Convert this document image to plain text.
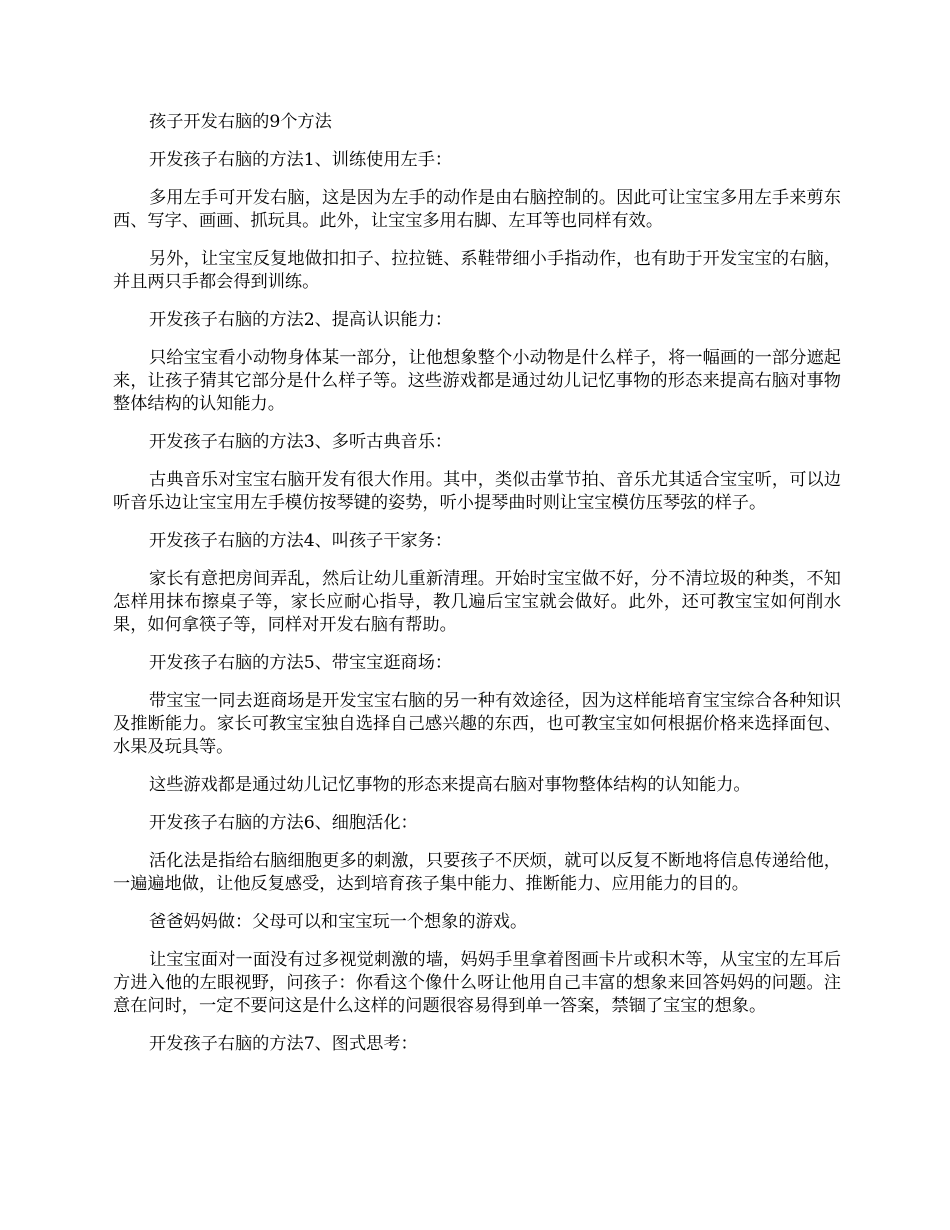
孩子开发右脑的9个方法

开发孩子右脑的方法1、训练使用左手：

多用左手可开发右脑，这是因为左手的动作是由右脑控制的。因此可让宝宝多用左手来剪东西、写字、画画、抓玩具。此外，让宝宝多用右脚、左耳等也同样有效。

另外，让宝宝反复地做扣扣子、拉拉链、系鞋带细小手指动作，也有助于开发宝宝的右脑，并且两只手都会得到训练。

开发孩子右脑的方法2、提高认识能力：

只给宝宝看小动物身体某一部分，让他想象整个小动物是什么样子，将一幅画的一部分遮起来，让孩子猜其它部分是什么样子等。这些游戏都是通过幼儿记忆事物的形态来提高右脑对事物整体结构的认知能力。

开发孩子右脑的方法3、多听古典音乐：

古典音乐对宝宝右脑开发有很大作用。其中，类似击掌节拍、音乐尤其适合宝宝听，可以边听音乐边让宝宝用左手模仿按琴键的姿势，听小提琴曲时则让宝宝模仿压琴弦的样子。

开发孩子右脑的方法4、叫孩子干家务：

家长有意把房间弄乱，然后让幼儿重新清理。开始时宝宝做不好，分不清垃圾的种类，不知怎样用抹布擦桌子等，家长应耐心指导，教几遍后宝宝就会做好。此外，还可教宝宝如何削水果，如何拿筷子等，同样对开发右脑有帮助。

开发孩子右脑的方法5、带宝宝逛商场：

带宝宝一同去逛商场是开发宝宝右脑的另一种有效途径，因为这样能培育宝宝综合各种知识及推断能力。家长可教宝宝独自选择自己感兴趣的东西，也可教宝宝如何根据价格来选择面包、水果及玩具等。

这些游戏都是通过幼儿记忆事物的形态来提高右脑对事物整体结构的认知能力。

开发孩子右脑的方法6、细胞活化：

活化法是指给右脑细胞更多的刺激，只要孩子不厌烦，就可以反复不断地将信息传递给他，一遍遍地做，让他反复感受，达到培育孩子集中能力、推断能力、应用能力的目的。

爸爸妈妈做：父母可以和宝宝玩一个想象的游戏。

让宝宝面对一面没有过多视觉刺激的墙，妈妈手里拿着图画卡片或积木等，从宝宝的左耳后方进入他的左眼视野，问孩子：你看这个像什么呀让他用自己丰富的想象来回答妈妈的问题。注意在问时，一定不要问这是什么这样的问题很容易得到单一答案，禁锢了宝宝的想象。

开发孩子右脑的方法7、图式思考：
